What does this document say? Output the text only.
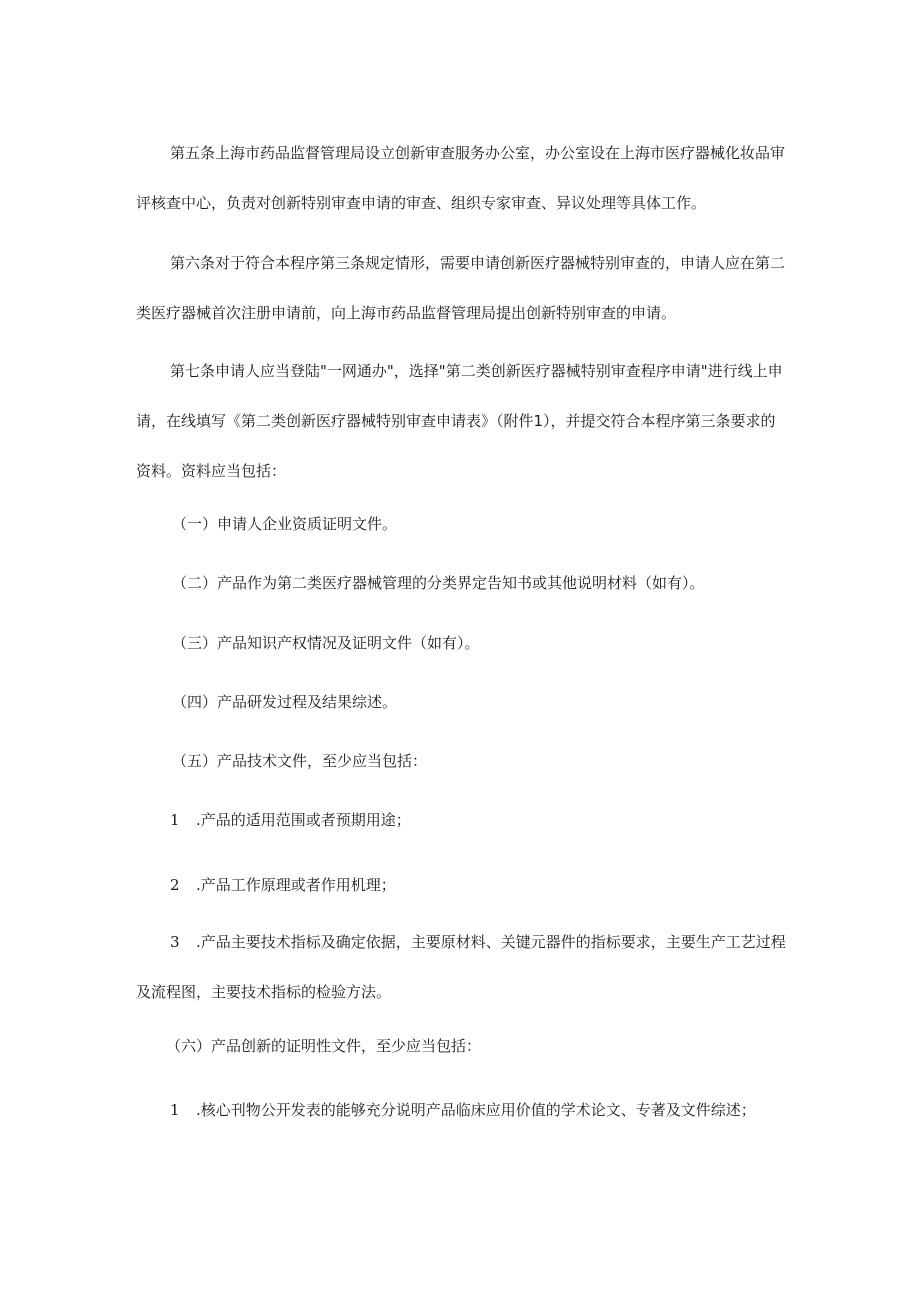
第五条上海市药品监督管理局设立创新审查服务办公室，办公室设在上海市医疗器械化妆品审评核查中心，负责对创新特别审查申请的审查、组织专家审查、异议处理等具体工作。

第六条对于符合本程序第三条规定情形，需要申请创新医疗器械特别审查的，申请人应在第二类医疗器械首次注册申请前，向上海市药品监督管理局提出创新特别审查的申请。

第七条申请人应当登陆"一网通办"，选择"第二类创新医疗器械特别审查程序申请"进行线上申请，在线填写《第二类创新医疗器械特别审查申请表》（附件1），并提交符合本程序第三条要求的资料。资料应当包括：

（一）申请人企业资质证明文件。

（二）产品作为第二类医疗器械管理的分类界定告知书或其他说明材料（如有）。

（三）产品知识产权情况及证明文件（如有）。

（四）产品研发过程及结果综述。

（五）产品技术文件，至少应当包括：

1 .产品的适用范围或者预期用途；

2 .产品工作原理或者作用机理；

3 .产品主要技术指标及确定依据，主要原材料、关键元器件的指标要求，主要生产工艺过程及流程图，主要技术指标的检验方法。

（六）产品创新的证明性文件，至少应当包括：

1 .核心刊物公开发表的能够充分说明产品临床应用价值的学术论文、专著及文件综述；
